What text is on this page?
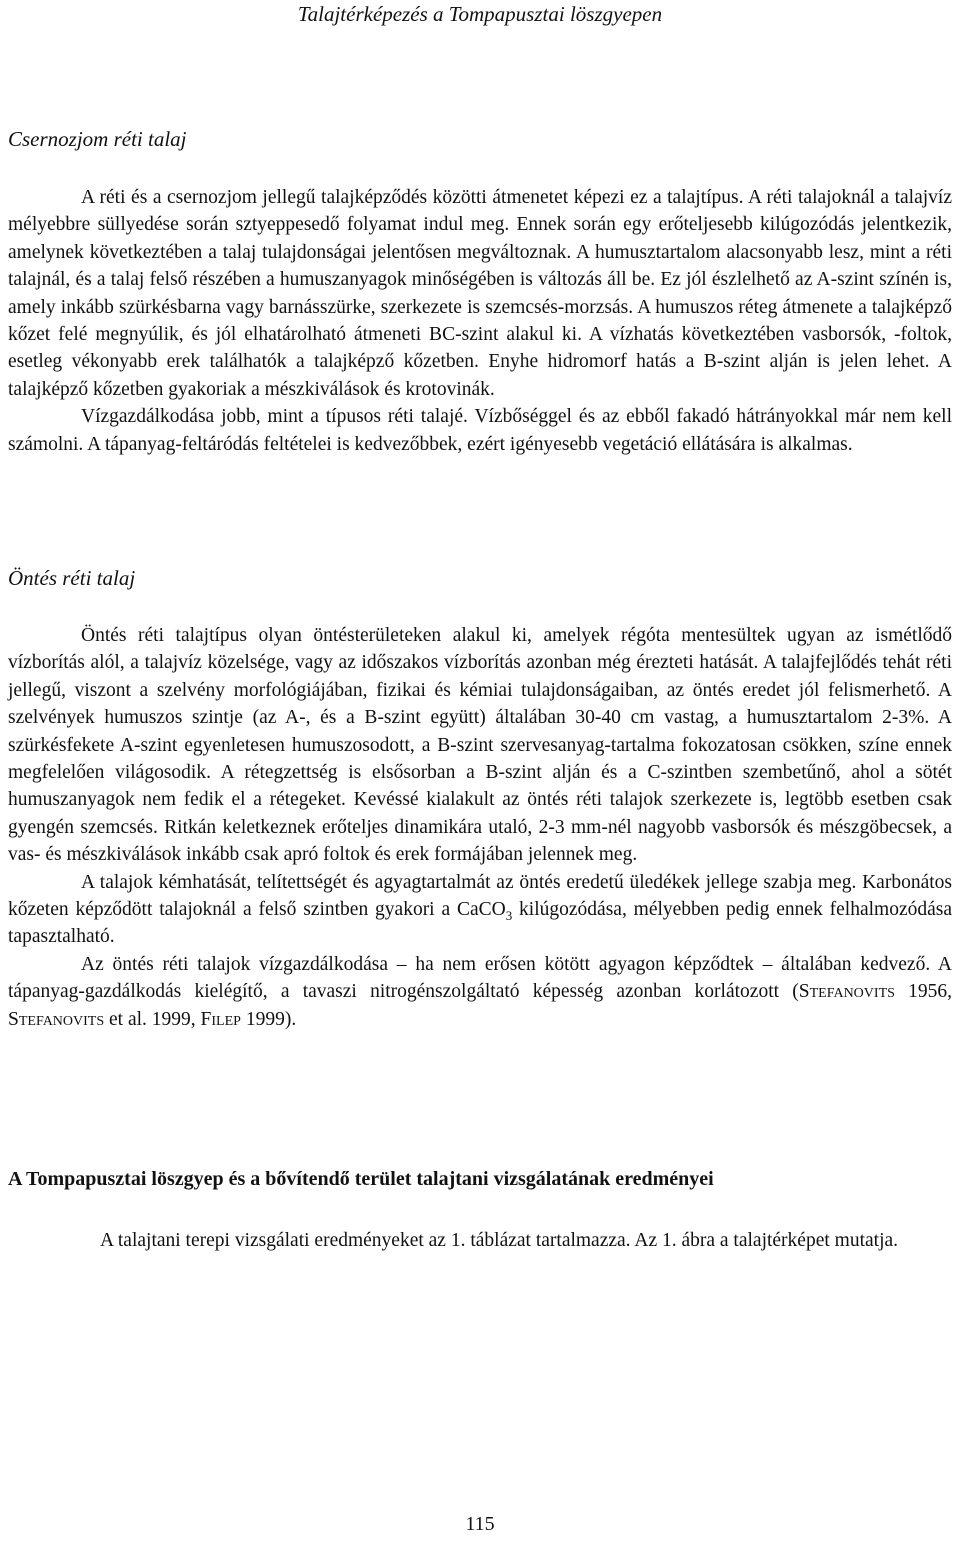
Talajtérképezés a Tompapusztai löszgyepen
Csernozjom réti talaj

A réti és a csernozjom jellegű talajképződés közötti átmenetet képezi ez a talajtípus. A réti talajoknál a talajvíz mélyebbre süllyedése során sztyeppesedő folyamat indul meg. Ennek során egy erőteljesebb kilúgozódás jelentkezik, amelynek következtében a talaj tulajdonságai jelentősen megváltoznak. A humusztartalom alacsonyabb lesz, mint a réti talajnál, és a talaj felső részében a humuszanyagok minőségében is változás áll be. Ez jól észlelhető az A-szint színén is, amely inkább szürkésbarna vagy barnásszürke, szerkezete is szemcsés-morzsás. A humuszos réteg átmenete a talajképző kőzet felé megnyúlik, és jól elhatárolható átmeneti BC-szint alakul ki. A vízhatás következtében vasborsók, -foltok, esetleg vékonyabb erek találhatók a talajképző kőzetben. Enyhe hidromorf hatás a B-szint alján is jelen lehet. A talajképző kőzetben gyakoriak a mészkiválások és krotovinák.

Vízgazdálkodása jobb, mint a típusos réti talajé. Vízbőséggel és az ebből fakadó hátrányokkal már nem kell számolni. A tápanyag-feltáródás feltételei is kedvezőbbek, ezért igényesebb vegetáció ellátására is alkalmas.

Öntés réti talaj

Öntés réti talajtípus olyan öntésterületeken alakul ki, amelyek régóta mentesültek ugyan az ismétlődő vízborítás alól, a talajvíz közelsége, vagy az időszakos vízborítás azonban még érezteti hatását. A talajfejlődés tehát réti jellegű, viszont a szelvény morfológiájában, fizikai és kémiai tulajdonságaiban, az öntés eredet jól felismerhető. A szelvények humuszos szintje (az A-, és a B-szint együtt) általában 30-40 cm vastag, a humusztartalom 2-3%. A szürkésfekete A-szint egyenletesen humuszosodott, a B-szint szervesanyag-tartalma fokozatosan csökken, színe ennek megfelelően világosodik. A rétegzettség is elsősorban a B-szint alján és a C-szintben szembetűnő, ahol a sötét humuszanyagok nem fedik el a rétegeket. Kevéssé kialakult az öntés réti talajok szerkezete is, legtöbb esetben csak gyengén szemcsés. Ritkán keletkeznek erőteljes dinamikára utaló, 2-3 mm-nél nagyobb vasborsók és mészgöbecsek, a vas- és mészkiválások inkább csak apró foltok és erek formájában jelennek meg.

A talajok kémhatását, telítettségét és agyagtartalmát az öntés eredetű üledékek jellege szabja meg. Karbonátos kőzeten képződött talajoknál a felső szintben gyakori a CaCO$_3$ kilúgozódása, mélyebben pedig ennek felhalmozódása tapasztalható.

Az öntés réti talajok vízgazdálkodása – ha nem erősen kötött agyagon képződtek – általában kedvező. A tápanyag-gazdálkodás kielégítő, a tavaszi nitrogénszolgáltató képesség azonban korlátozott (Stefanovits 1956, Stefanovits et al. 1999, Filep 1999).

A Tompapusztai löszgyep és a bővítendő terület talajtani vizsgálatának eredményei

A talajtani terepi vizsgálati eredményeket az 1. táblázat tartalmazza. Az 1. ábra a talajtérképet mutatja.

115
